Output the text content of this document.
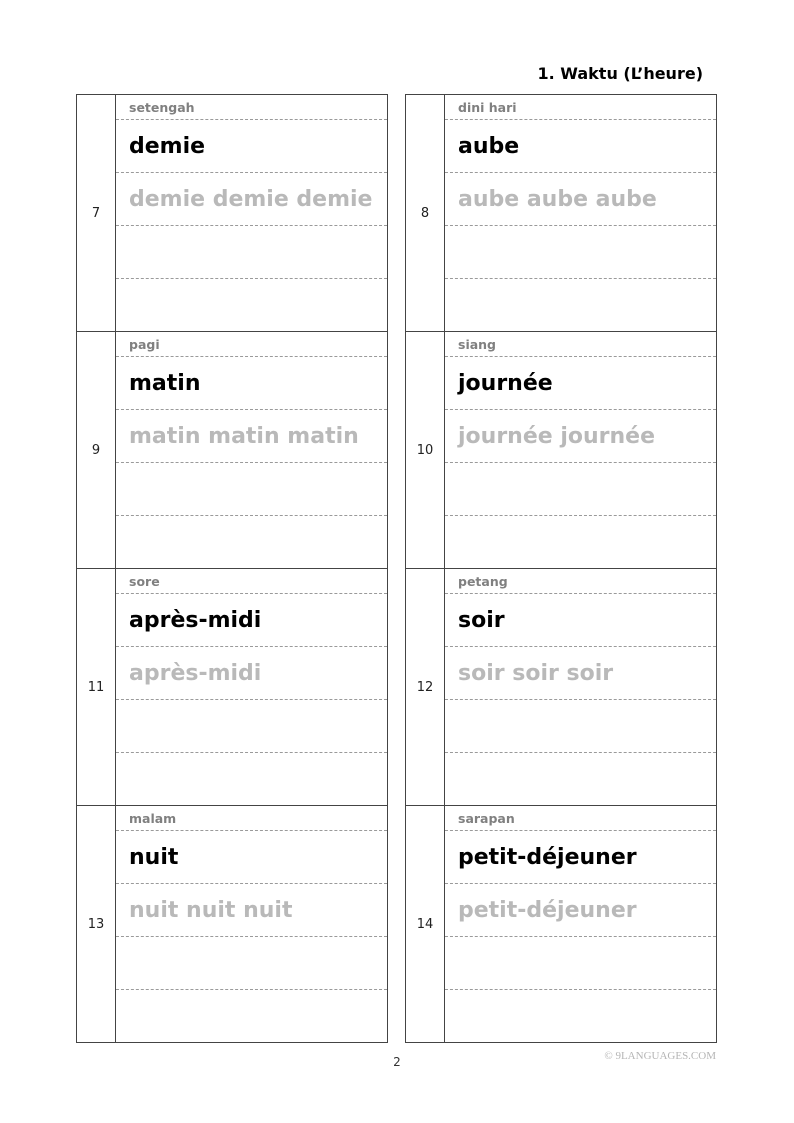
1. Waktu (L’heure)
7
setengah
demie
demie demie demie
8
dini hari
aube
aube aube aube
9
pagi
matin
matin matin matin
10
siang
journée
journée journée
11
sore
après-midi
après-midi
12
petang
soir
soir soir soir
13
malam
nuit
nuit nuit nuit
14
sarapan
petit-déjeuner
petit-déjeuner
2	© 9LANGUAGES.COM
